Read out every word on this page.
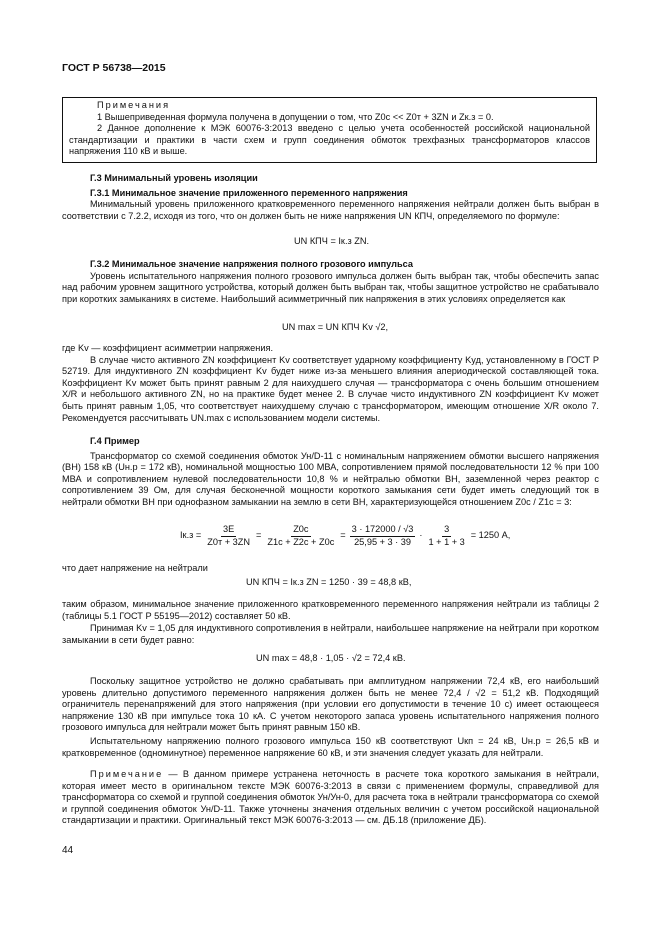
ГОСТ Р 56738—2015
Примечания
1 Вышеприведенная формула получена в допущении о том, что Z0c << Z0т + 3ZN и Zк.з = 0.
2 Данное дополнение к МЭК 60076-3:2013 введено с целью учета особенностей российской национальной стандартизации и практики в части схем и групп соединения обмоток трехфазных трансформаторов классов напряжения 110 кВ и выше.
Г.3 Минимальный уровень изоляции
Г.3.1 Минимальное значение приложенного переменного напряжения
Минимальный уровень приложенного кратковременного переменного напряжения нейтрали должен быть выбран в соответствии с 7.2.2, исходя из того, что он должен быть не ниже напряжения UN КПЧ, определяемого по формуле:
UN КПЧ = Iк.з ZN.
Г.3.2 Минимальное значение напряжения полного грозового импульса
Уровень испытательного напряжения полного грозового импульса должен быть выбран так, чтобы обеспечить запас над рабочим уровнем защитного устройства, который должен быть выбран так, чтобы защитное устройство не срабатывало при коротких замыканиях в системе. Наибольший асимметричный пик напряжения в этих условиях определяется как
UN max = UN КПЧ Kv √2,
где Kv — коэффициент асимметрии напряжения.
В случае чисто активного ZN коэффициент Kv соответствует ударному коэффициенту Kуд, установленному в ГОСТ Р 52719. Для индуктивного ZN коэффициент Kv будет ниже из-за меньшего влияния апериодической составляющей тока. Коэффициент Kv может быть принят равным 2 для наихудшего случая — трансформатора с очень большим отношением X/R и небольшого активного ZN, но на практике будет менее 2. В случае чисто индуктивного ZN коэффициент Kv может быть принят равным 1,05, что соответствует наихудшему случаю с трансформатором, имеющим отношение X/R около 7. Рекомендуется рассчитывать UN.max с использованием модели системы.
Г.4 Пример
Трансформатор со схемой соединения обмоток Ун/D-11 с номинальным напряжением обмотки высшего напряжения (ВН) 158 кВ (Uн.р = 172 кВ), номинальной мощностью 100 МВА, сопротивлением прямой последовательности 12 % при 100 МВА и сопротивлением нулевой последовательности 10,8 % и нейтралью обмотки ВН, заземленной через реактор с сопротивлением 39 Ом, для случая бесконечной мощности короткого замыкания сети будет иметь следующий ток в нейтрали обмотки ВН при однофазном замыкании на землю в сети ВН, характеризующейся отношением Z0c / Z1c = 3:
$Iк.з = \frac{3E}{Z0т + 3ZN} = \frac{Z0c}{Z1c + Z2c + Z0c} = \frac{3 \cdot 172000 / √3}{25,95 + 3 \cdot 39} \cdot \frac{3}{1 + 1 + 3} = 1250$ А,
что дает напряжение на нейтрали
UN КПЧ = Iк.з ZN = 1250 · 39 = 48,8 кВ,
таким образом, минимальное значение приложенного кратковременного переменного напряжения нейтрали из таблицы 2 (таблицы 5.1 ГОСТ Р 55195—2012) составляет 50 кВ.
Принимая Kv = 1,05 для индуктивного сопротивления в нейтрали, наибольшее напряжение на нейтрали при коротком замыкании в сети будет равно:
UN max = 48,8 · 1,05 · √2 = 72,4 кВ.
Поскольку защитное устройство не должно срабатывать при амплитудном напряжении 72,4 кВ, его наибольший уровень длительно допустимого переменного напряжения должен быть не менее 72,4 / √2 = 51,2 кВ. Подходящий ограничитель перенапряжений для этого напряжения (при условии его допустимости в течение 10 с) имеет остающееся напряжение 130 кВ при импульсе тока 10 кА. С учетом некоторого запаса уровень испытательного напряжения полного грозового импульса для нейтрали может быть принят равным 150 кВ.
Испытательному напряжению полного грозового импульса 150 кВ соответствуют Uкп = 24 кВ, Uн.р = 26,5 кВ и кратковременное (одноминутное) переменное напряжение 60 кВ, и эти значения следует указать для нейтрали.
Примечание — В данном примере устранена неточность в расчете тока короткого замыкания в нейтрали, которая имеет место в оригинальном тексте МЭК 60076-3:2013 в связи с применением формулы, справедливой для трансформатора со схемой и группой соединения обмоток Ун/Ун-0, для расчета тока в нейтрали трансформатора со схемой и группой соединения обмоток Ун/D-11. Также уточнены значения отдельных величин с учетом российской национальной стандартизации и практики. Оригинальный текст МЭК 60076-3:2013 — см. ДБ.18 (приложение ДБ).
44
